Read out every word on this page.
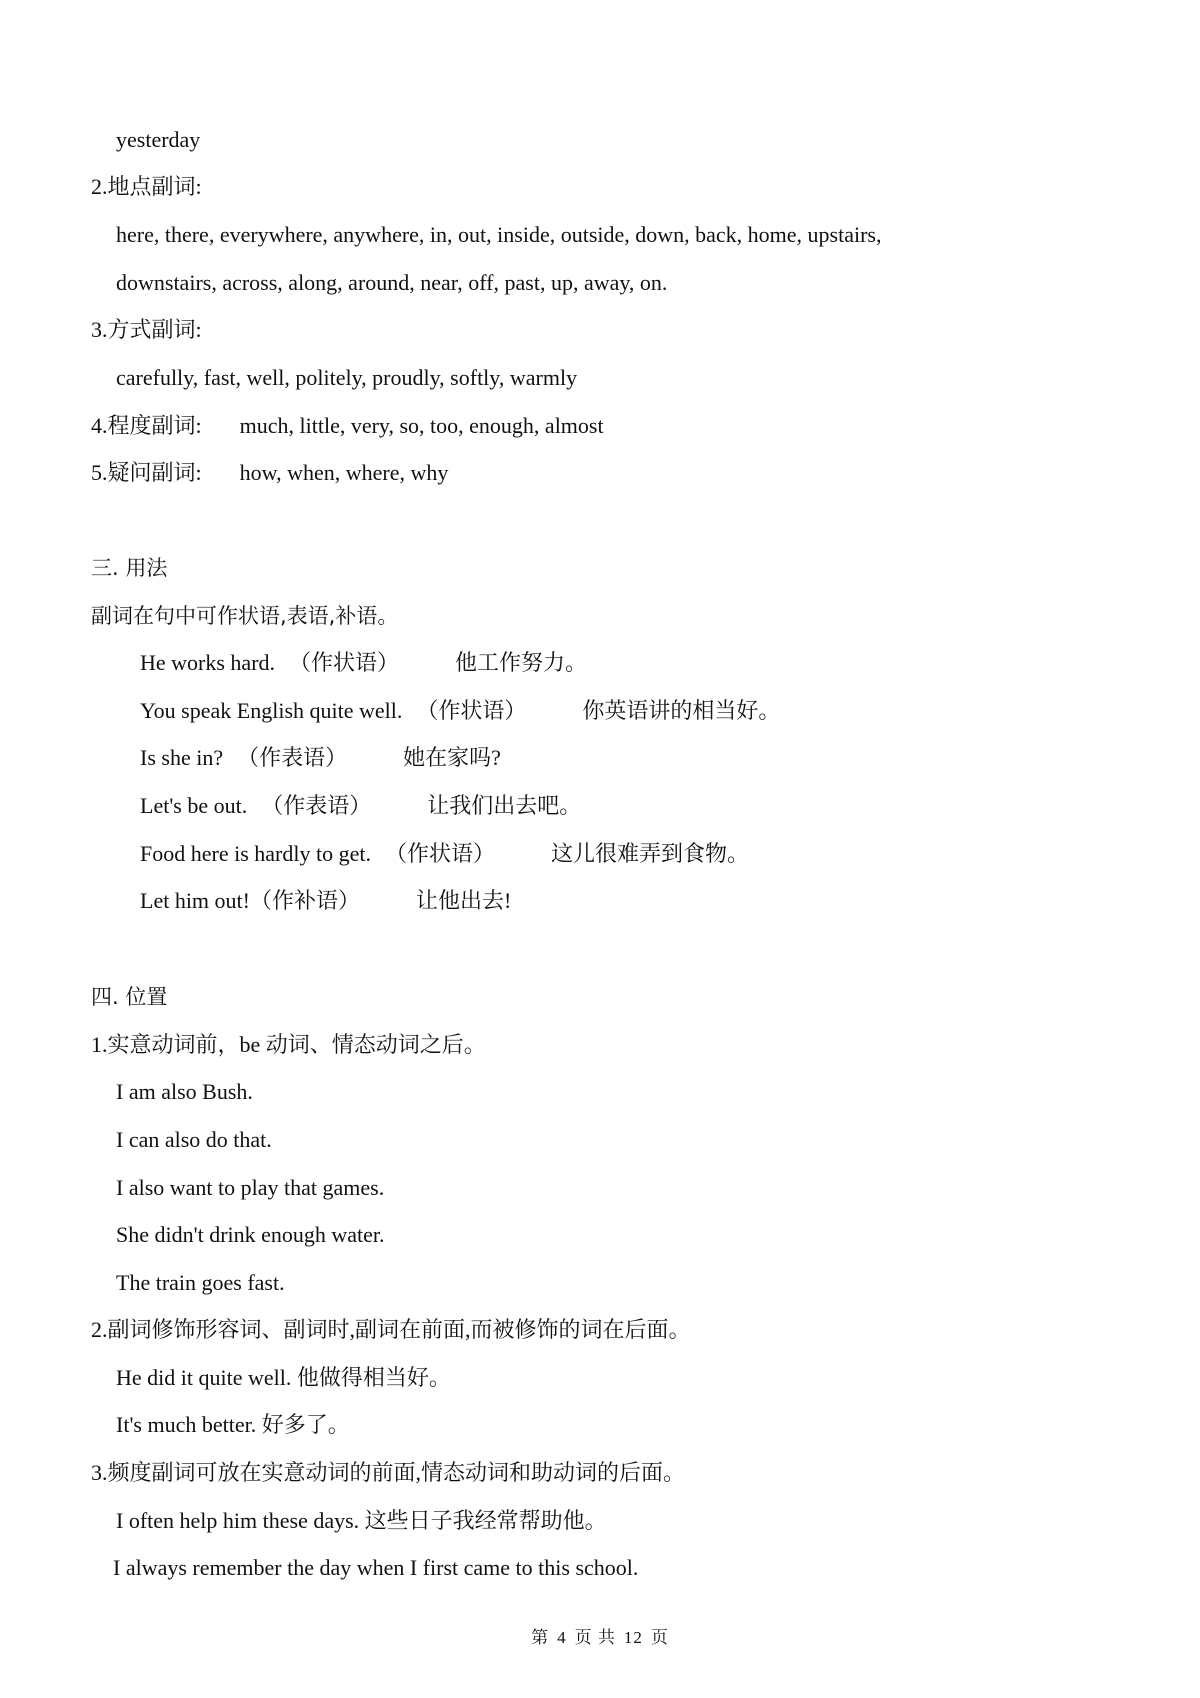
yesterday
2.地点副词:
here, there, everywhere, anywhere, in, out, inside, outside, down, back, home, upstairs,
downstairs, across, along, around, near, off, past, up, away, on.
3.方式副词:
carefully, fast, well, politely, proudly, softly, warmly
4.程度副词: much, little, very, so, too, enough, almost
5.疑问副词: how, when, where, why
三. 用法
副词在句中可作状语,表语,补语。
He works hard. （作状语）	他工作努力。
You speak English quite well. （作状语）	你英语讲的相当好。
Is she in? （作表语）	她在家吗?
Let's be out. （作表语）	让我们出去吧。
Food here is hardly to get. （作状语）	这儿很难弄到食物。
Let him out!（作补语）	让他出去!
四. 位置
1.实意动词前，be 动词、情态动词之后。
I am also Bush.
I can also do that.
I also want to play that games.
She didn't drink enough water.
The train goes fast.
2.副词修饰形容词、副词时,副词在前面,而被修饰的词在后面。
He did it quite well. 他做得相当好。
It's much better. 好多了。
3.频度副词可放在实意动词的前面,情态动词和助动词的后面。
I often help him these days. 这些日子我经常帮助他。
I always remember the day when I first came to this school.
第 4 页 共 12 页
